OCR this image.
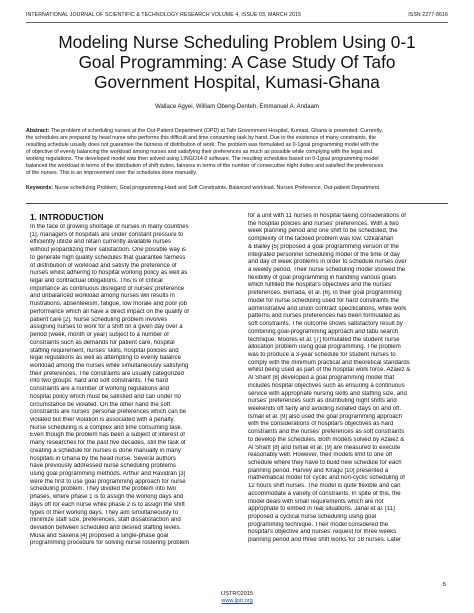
INTERNATIONAL JOURNAL OF SCIENTIFIC & TECHNOLOGY RESEARCH VOLUME 4, ISSUE 03, MARCH 2015	ISSN 2277-8616
Modeling Nurse Scheduling Problem Using 0-1
Goal Programming: A Case Study Of Tafo
Government Hospital, Kumasi-Ghana
Wallace Agyei, William Obeng-Denteh, Emmanuel A. Andaam
Abstract: The problem of scheduling nurses at the Out-Patient Department (OPD) at Tafo Government Hospital, Kumasi, Ghana is presented. Currently,
the schedules are prepared by head nurse who performs this difficult and time consuming task by hand. Due to the existence of many constraints, the
resulting schedule usually does not guarantee the fairness of distribution of work. The problem was formulated as 0-1goal programming model with the
of objective of evenly balancing the workload among nurses and satisfying their preferences as much as possible while complying with the legal and
working regulations. The developed model was then solved using LINGO14.0 software. The resulting schedules based on 0-1goal programming model
balanced the workload in terms of the distribution of shift duties, fairness in terms of the number of consecutive night duties and satisfied the preferences
of the nurses. This is an improvement over the schedules done manually.
Keywords: Nurse scheduling Problem, Goal programming.Hard and Soft Constraints. Balanced workload. Nurses Preference. Out-patient Department.
1. INTRODUCTION
In the face of growing shortage of nurses in many countries
[1], managers of hospitals are under constant pressure to
efficiently utilize and retain currently available nurses
without jeopardizing their satisfaction. One possible way is
to generate high quality schedules that guarantee fairness
of distribution of workload and satisfy the preference of
nurses whilst adhering to hospital working policy as well as
legal and contractual obligations. This is of critical
importance as continuous disregard of nurses' preference
and unbalanced workload among nurses will results in
frustrations, absenteeism, fatigue, low morale and poor job
performance which all have a direct impact on the quality of
patient care [2]. Nurse scheduling problem involves
assigning nurses to work for a shift on a given day over a
period (week, month or year) subject to a number of
constraints such as demands for patient care, hospital
staffing requirement, nurses' skills, hospital policies and
legal regulations as well as attempting to evenly balance
workload among the nurses while simultaneously satisfying
their preferences. The constraints are usually categorized
into two groups: hard and soft constraints. The hard
constraints are a number of working regulations and
hospital policy which must be satisfied and can under no
circumstance be violated. On the other hand the soft
constraints are nurses' personal preferences which can be
violated but their violation is associated with a penalty.
Nurse scheduling is a complex and time consuming task.
Even though the problem has been a subject of interest of
many researches for the past five decades, still the task of
creating a schedule for nurses is done manually in many
hospitals in Ghana by the head nurse. Several authors
have previously addressed nurse scheduling problems
using goal programming methods. Arthur and Ravidran [3]
were the first to use goal programming approach for nurse
scheduling problem. They divided the problem into two
phases, where phase 1 is to assign the working days and
days off for each nurse while phase 2 is to assign the shift
types of their working days. They aim simultaneously to
minimize staff size, preferences, staff dissatisfaction and
deviation between scheduled and desired staffing levels.
Musa and Saxena [4] proposed a single-phase goal
programming procedure for solving nurse rostering problem
for a unit with 11 nurses in hospital taking considerations of
the hospital policies and nurses' preferences. With a two
week planning period and one shift to be scheduled, the
complexity of the tackled problem was low. Ozkarahan
& Bailey [5] proposed a goal programming version of the
integrated personnel scheduling model of the time of day
and day of week problems in order to schedule nurses over
a weekly period. Their nurse scheduling model showed the
flexibility of goal programming in handling various goals
which fulfilled the hospital's objectives and the nurses'
preferences. Berrada, et al. [6], in their goal programming
model for nurse scheduling used for hard constraints the
administrative and union contract specifications, while work
patterns and nurses preferences has been formulated as
soft constraints. The outcome shows satisfactory result by
combining goal-programming approach and tabu search
technique. Moores et al. [7] formulated the student nurse
allocation problem using goal programming. The problem
was to produce a 3-year schedule for student nurses to
comply with the minimum practical and theoretical standards
whilst being used as part of the hospital work force. Azaiez &
Al Sharif [8] developed a goal programming model that
includes hospital objectives such as ensuring a continuous
service with appropriate nursing skills and staffing size, and
nurses' preferences such as distributing night shifts and
weekends off fairly and avoiding isolated days on and off.
Ismail et al. [9] also used the goal programming approach
with the considerations of hospital's objectives as hard
constraints and the nurses' preferences as soft constraints
to develop the schedules. Both models solved by Azaiez &
Al Sharif [8] and Ismail et al. [9] are measured to execute
reasonably well. However, their models limit to one off
schedule where they have to build new schedule for each
planning period. Harvey and Kiragu [10] presented a
mathematical model for cyclic and non-cyclic scheduling of
12 hours shift nurses. The model is quite flexible and can
accommodate a variety of constraints. In spite of this, the
model deals with small requirements which are not
appropriate to embed in real situations. Janal et al. [11]
proposed a cyclical nurse scheduling using goal
programming technique. Their model considered the
hospital's objective and nurses' request for three weeks
planning period and three shift works for 18 nurses. Later
5
IJSTR©2015
www.ijstr.org
